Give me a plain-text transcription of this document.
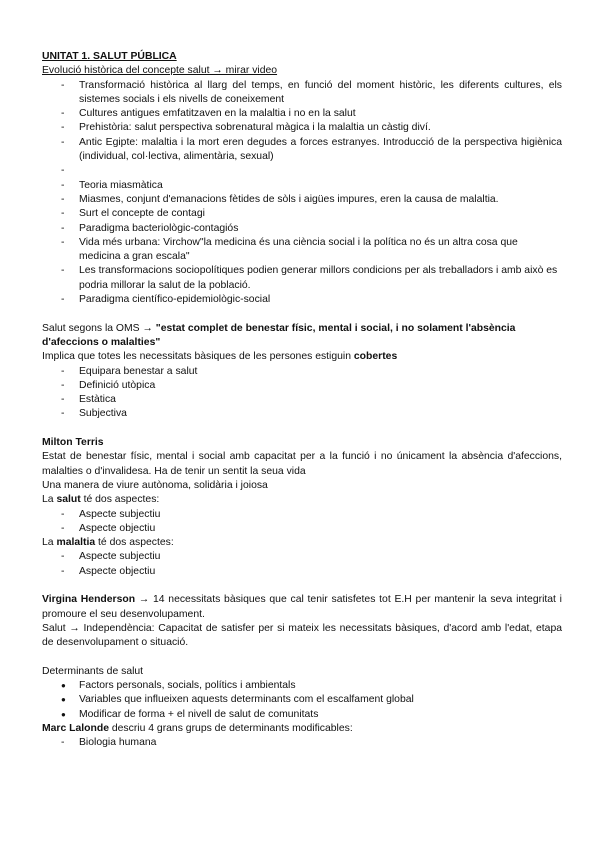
UNITAT 1. SALUT PÚBLICA
Evolució històrica del concepte salut → mirar video
-
Transformació històrica al llarg del temps, en funció del moment històric, les diferents cultures, els sistemes socials i els nivells de coneixement
-
Cultures antigues emfatitzaven en la malaltia i no en la salut
-
Prehistòria: salut perspectiva sobrenatural màgica i la malaltia un càstig diví.
-
Antic Egipte: malaltia i la mort eren degudes a forces estranyes. Introducció de la perspectiva higiènica (individual, col·lectiva, alimentària, sexual)
-

-
Teoria miasmàtica
-
Miasmes, conjunt d'emanacions fètides de sòls i aigües impures, eren la causa de malaltia.
-
Surt el concepte de contagi
-
Paradigma bacteriològic-contagiós
-
Vida més urbana: Virchow"la medicina és una ciència social i la política no és un altra cosa que medicina a gran escala"
-
Les transformacions sociopolítiques podien generar millors condicions per als treballadors i amb això es podria millorar la salut de la població.
-
Paradigma científico-epidemiològic-social
Salut segons la OMS → "estat complet de benestar físic, mental i social, i no solament l'absència d'afeccions o malalties"
Implica que totes les necessitats bàsiques de les persones estiguin cobertes
-
Equipara benestar a salut
-
Definició utòpica
-
Estàtica
-
Subjectiva
Milton Terris
Estat de benestar físic, mental i social amb capacitat per a la funció i no únicament la absència d'afeccions, malalties o d'invalidesa. Ha de tenir un sentit la seua vida
Una manera de viure autònoma, solidària i joiosa
La salut té dos aspectes:
-
Aspecte subjectiu
-
Aspecte objectiu
La malaltia té dos aspectes:
-
Aspecte subjectiu
-
Aspecte objectiu
Virgina Henderson → 14 necessitats bàsiques que cal tenir satisfetes tot E.H per mantenir la seva integritat i promoure el seu desenvolupament.
Salut → Independència: Capacitat de satisfer per si mateix les necessitats bàsiques, d'acord amb l'edat, etapa de desenvolupament o situació.
Determinants de salut
●
Factors personals, socials, polítics i ambientals
●
Variables que influeixen aquests determinants com el escalfament global
●
Modificar de forma + el nivell de salut de comunitats
Marc Lalonde descriu 4 grans grups de determinants modificables:
-
Biologia humana
